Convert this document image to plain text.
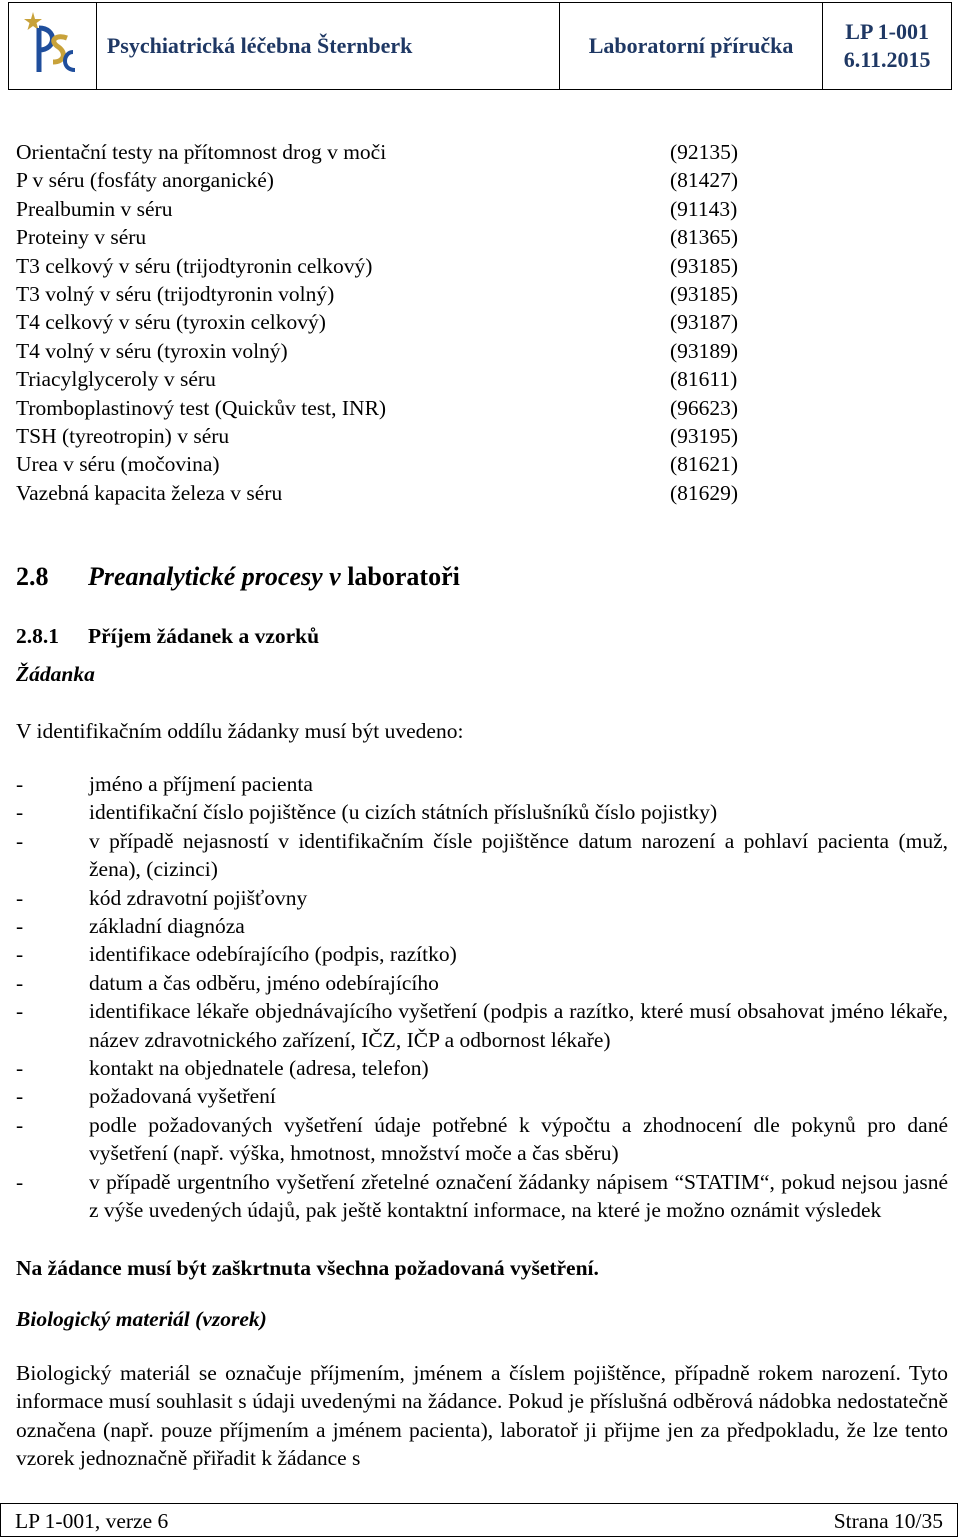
Psychiatrická léčebna Šternberk	Laboratorní příručka
LP 1-001
6.11.2015
Orientační testy na přítomnost drog v moči	(92135)
P v séru (fosfáty anorganické)	(81427)
Prealbumin v séru	(91143)
Proteiny v séru	(81365)
T3 celkový v séru (trijodtyronin celkový)	(93185)
T3 volný v séru (trijodtyronin volný)	(93185)
T4 celkový v séru (tyroxin celkový)	(93187)
T4 volný v séru (tyroxin volný)	(93189)
Triacylglyceroly v séru	(81611)
Tromboplastinový test (Quickův test, INR)	(96623)
TSH (tyreotropin) v séru	(93195)
Urea v séru (močovina)	(81621)
Vazebná kapacita železa v séru	(81629)
2.8 Preanalytické procesy v laboratoři
2.8.1 Příjem žádanek a vzorků
Žádanka
V identifikačním oddílu žádanky musí být uvedeno:
-	jméno a příjmení pacienta
-	identifikační číslo pojištěnce (u cizích státních příslušníků číslo pojistky)
-	v případě nejasností v identifikačním čísle pojištěnce datum narození a pohlaví pacienta (muž, žena), (cizinci)
-	kód zdravotní pojišťovny
-	základní diagnóza
-	identifikace odebírajícího (podpis, razítko)
-	datum a čas odběru, jméno odebírajícího
-	identifikace lékaře objednávajícího vyšetření (podpis a razítko, které musí obsahovat jméno lékaře, název zdravotnického zařízení, IČZ, IČP a odbornost lékaře)
-	kontakt na objednatele (adresa, telefon)
-	požadovaná vyšetření
-	podle požadovaných vyšetření údaje potřebné k výpočtu a zhodnocení dle pokynů pro dané vyšetření (např. výška, hmotnost, množství moče a čas sběru)
-	v případě urgentního vyšetření zřetelné označení žádanky nápisem “STATIM“, pokud nejsou jasné z výše uvedených údajů, pak ještě kontaktní informace, na které je možno oznámit výsledek
Na žádance musí být zaškrtnuta všechna požadovaná vyšetření.
Biologický materiál (vzorek)
Biologický materiál se označuje příjmením, jménem a číslem pojištěnce, případně rokem narození. Tyto informace musí souhlasit s údaji uvedenými na žádance. Pokud je příslušná odběrová nádobka nedostatečně označena (např. pouze příjmením a jménem pacienta), laboratoř ji přijme jen za předpokladu, že lze tento vzorek jednoznačně přiřadit k žádance s
LP 1-001, verze 6	Strana 10/35
